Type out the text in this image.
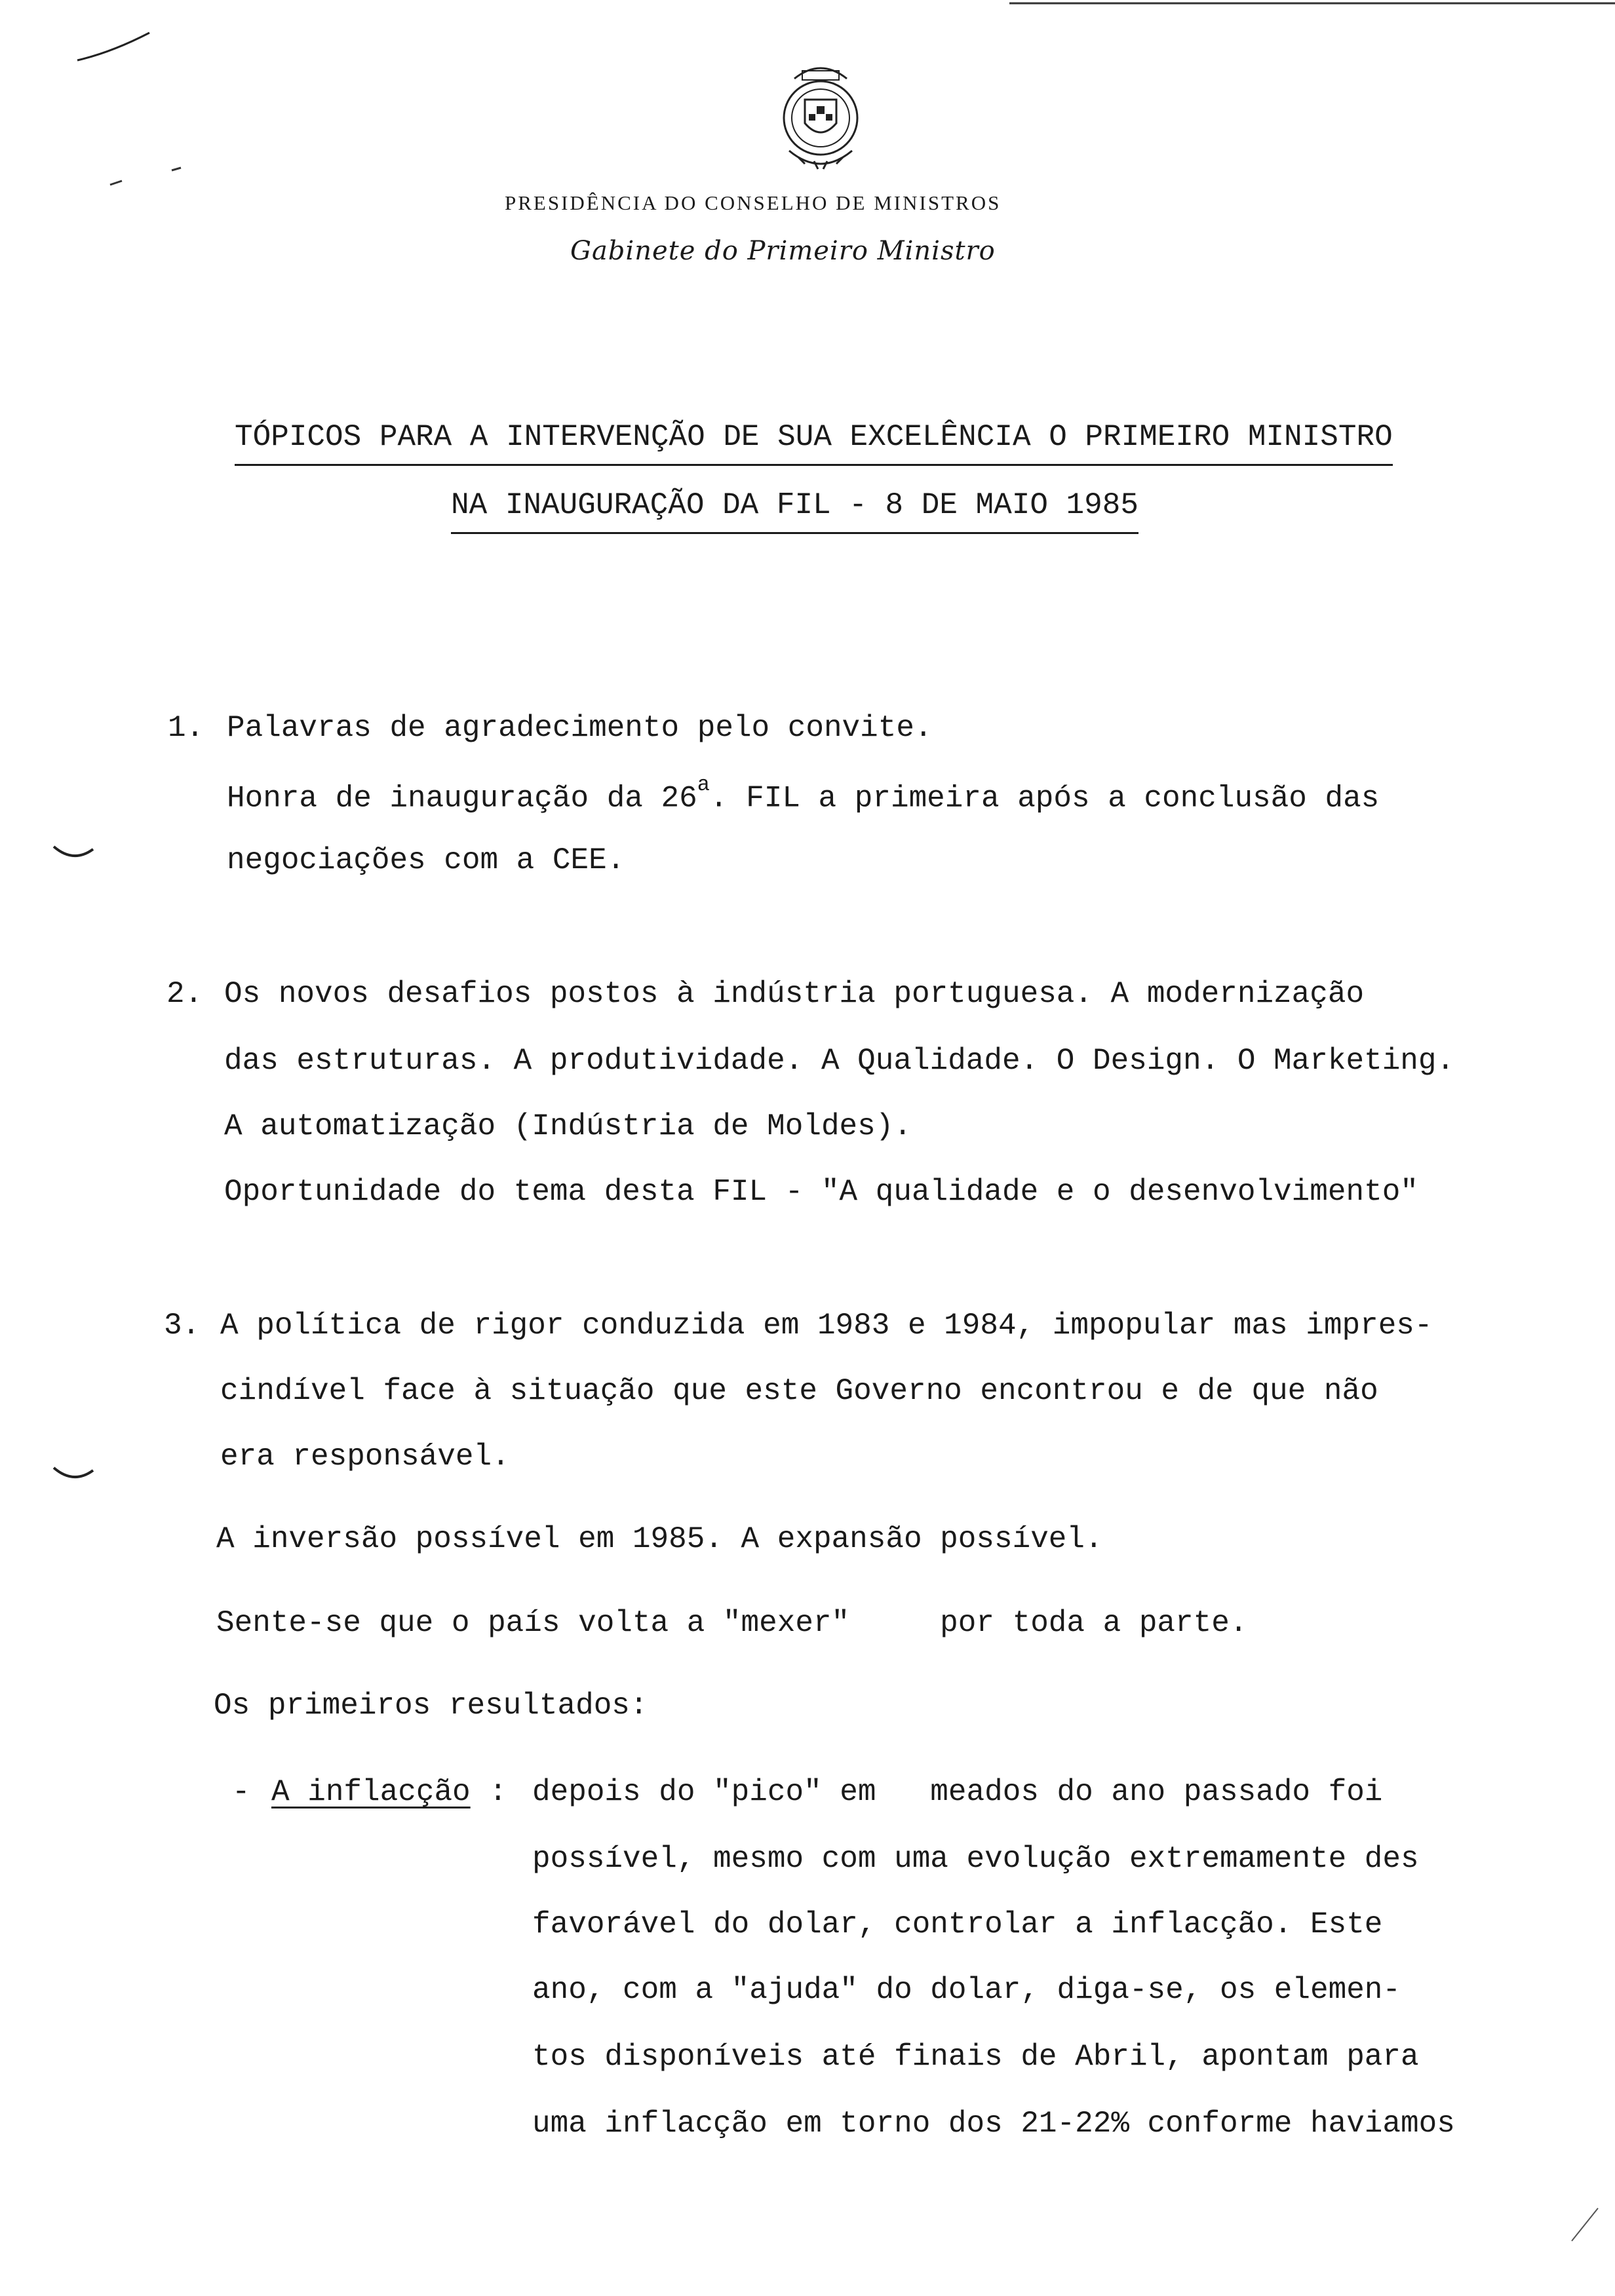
PRESIDÊNCIA DO CONSELHO DE MINISTROS
Gabinete do Primeiro Ministro
TÓPICOS PARA A INTERVENÇÃO DE SUA EXCELÊNCIA O PRIMEIRO MINISTRO
NA INAUGURAÇÃO DA FIL - 8 DE MAIO 1985
1. Palavras de agradecimento pelo convite.
Honra de inauguração da 26$^a$. FIL a primeira após a conclusão das
negociações com a CEE.
2. Os novos desafios postos à indústria portuguesa. A modernização
das estruturas. A produtividade. A Qualidade. O Design. O Marketing.
A automatização (Indústria de Moldes).
Oportunidade do tema desta FIL - "A qualidade e o desenvolvimento"
3. A política de rigor conduzida em 1983 e 1984, impopular mas impres-
cindível face à situação que este Governo encontrou e de que não
era responsável.
A inversão possível em 1985. A expansão possível.
Sente-se que o país volta a "mexer"     por toda a parte.
Os primeiros resultados:
- A inflacção : depois do "pico" em   meados do ano passado foi
possível, mesmo com uma evolução extremamente des
favorável do dolar, controlar a inflacção. Este
ano, com a "ajuda" do dolar, diga-se, os elemen-
tos disponíveis até finais de Abril, apontam para
uma inflacção em torno dos 21-22% conforme haviamos
